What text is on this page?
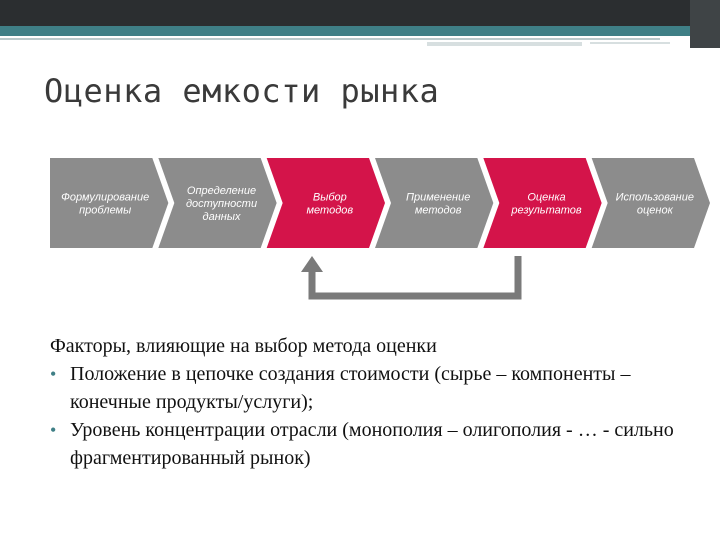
Оценка емкости рынка
Формулирование проблемы
Определение доступности данных
Выбор методов
Применение методов
Оценка результатов
Использование оценок
Факторы, влияющие на выбор метода оценки
• Положение в цепочке создания стоимости (сырье – компоненты – конечные продукты/услуги);
• Уровень концентрации отрасли (монополия – олигополия - … - сильно фрагментированный рынок)
